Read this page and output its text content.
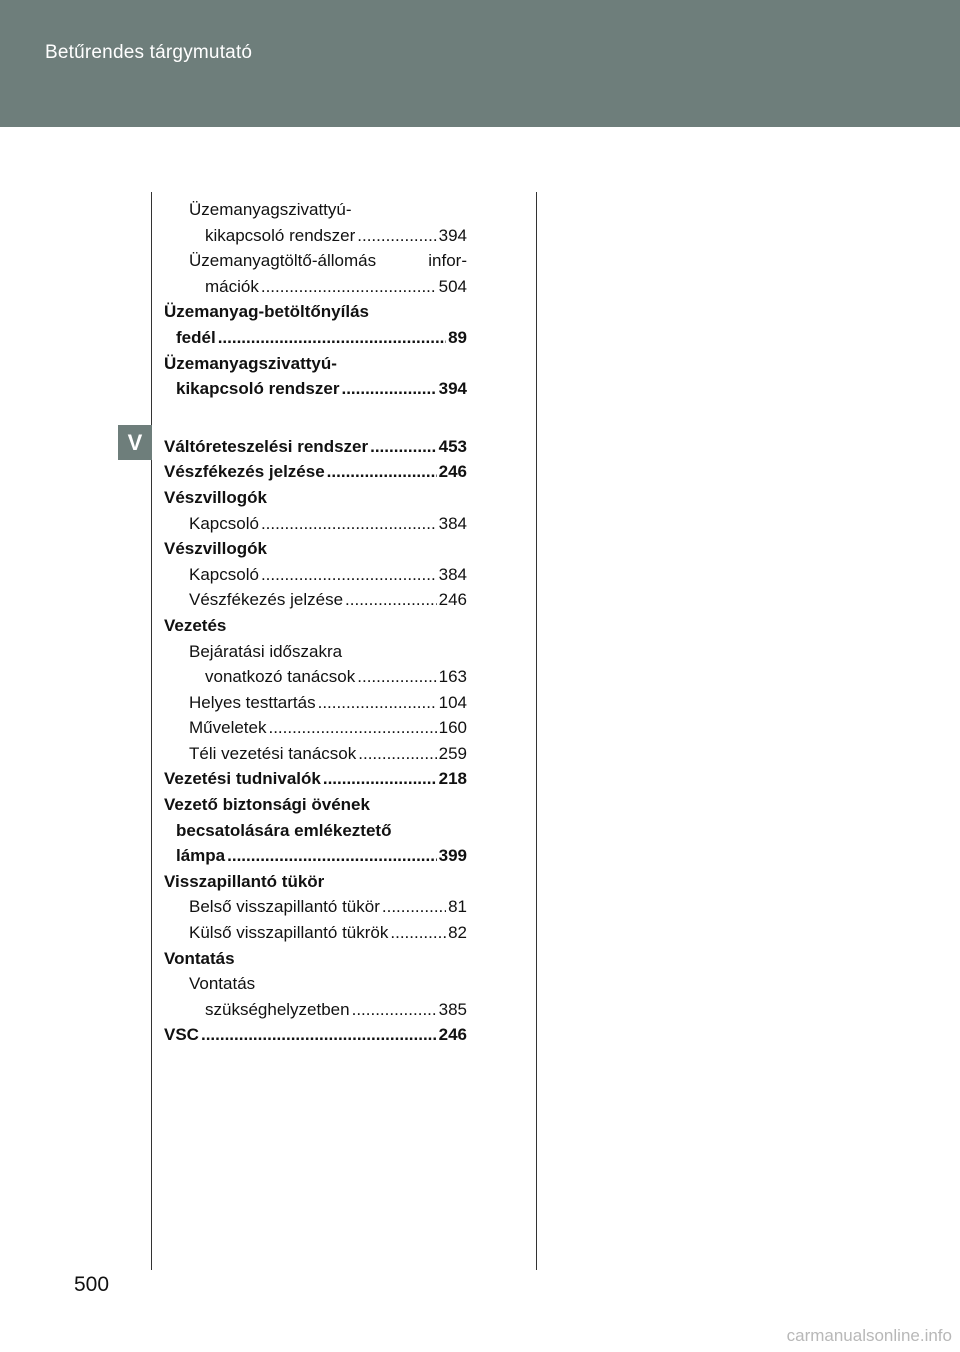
Betűrendes tárgymutató
V
Üzemanyagszivattyú-
kikapcsoló rendszer .....	394
Üzemanyagtöltő-állomás	infor-
mációk .....	504
Üzemanyag-betöltőnyílás
fedél .....	89
Üzemanyagszivattyú-
kikapcsoló rendszer .....	394
Váltóreteszelési rendszer .....	453
Vészfékezés jelzése .....	246
Vészvillogók
Kapcsoló .....	384
Vészvillogók
Kapcsoló .....	384
Vészfékezés jelzése .....	246
Vezetés
Bejáratási időszakra
vonatkozó tanácsok .....	163
Helyes testtartás .....	104
Műveletek .....	160
Téli vezetési tanácsok .....	259
Vezetési tudnivalók .....	218
Vezető biztonsági övének
becsatolására emlékeztető
lámpa .....	399
Visszapillantó tükör
Belső visszapillantó tükör .....	81
Külső visszapillantó tükrök .....	82
Vontatás
Vontatás
szükséghelyzetben .....	385
VSC .....	246
500
carmanualsonline.info
